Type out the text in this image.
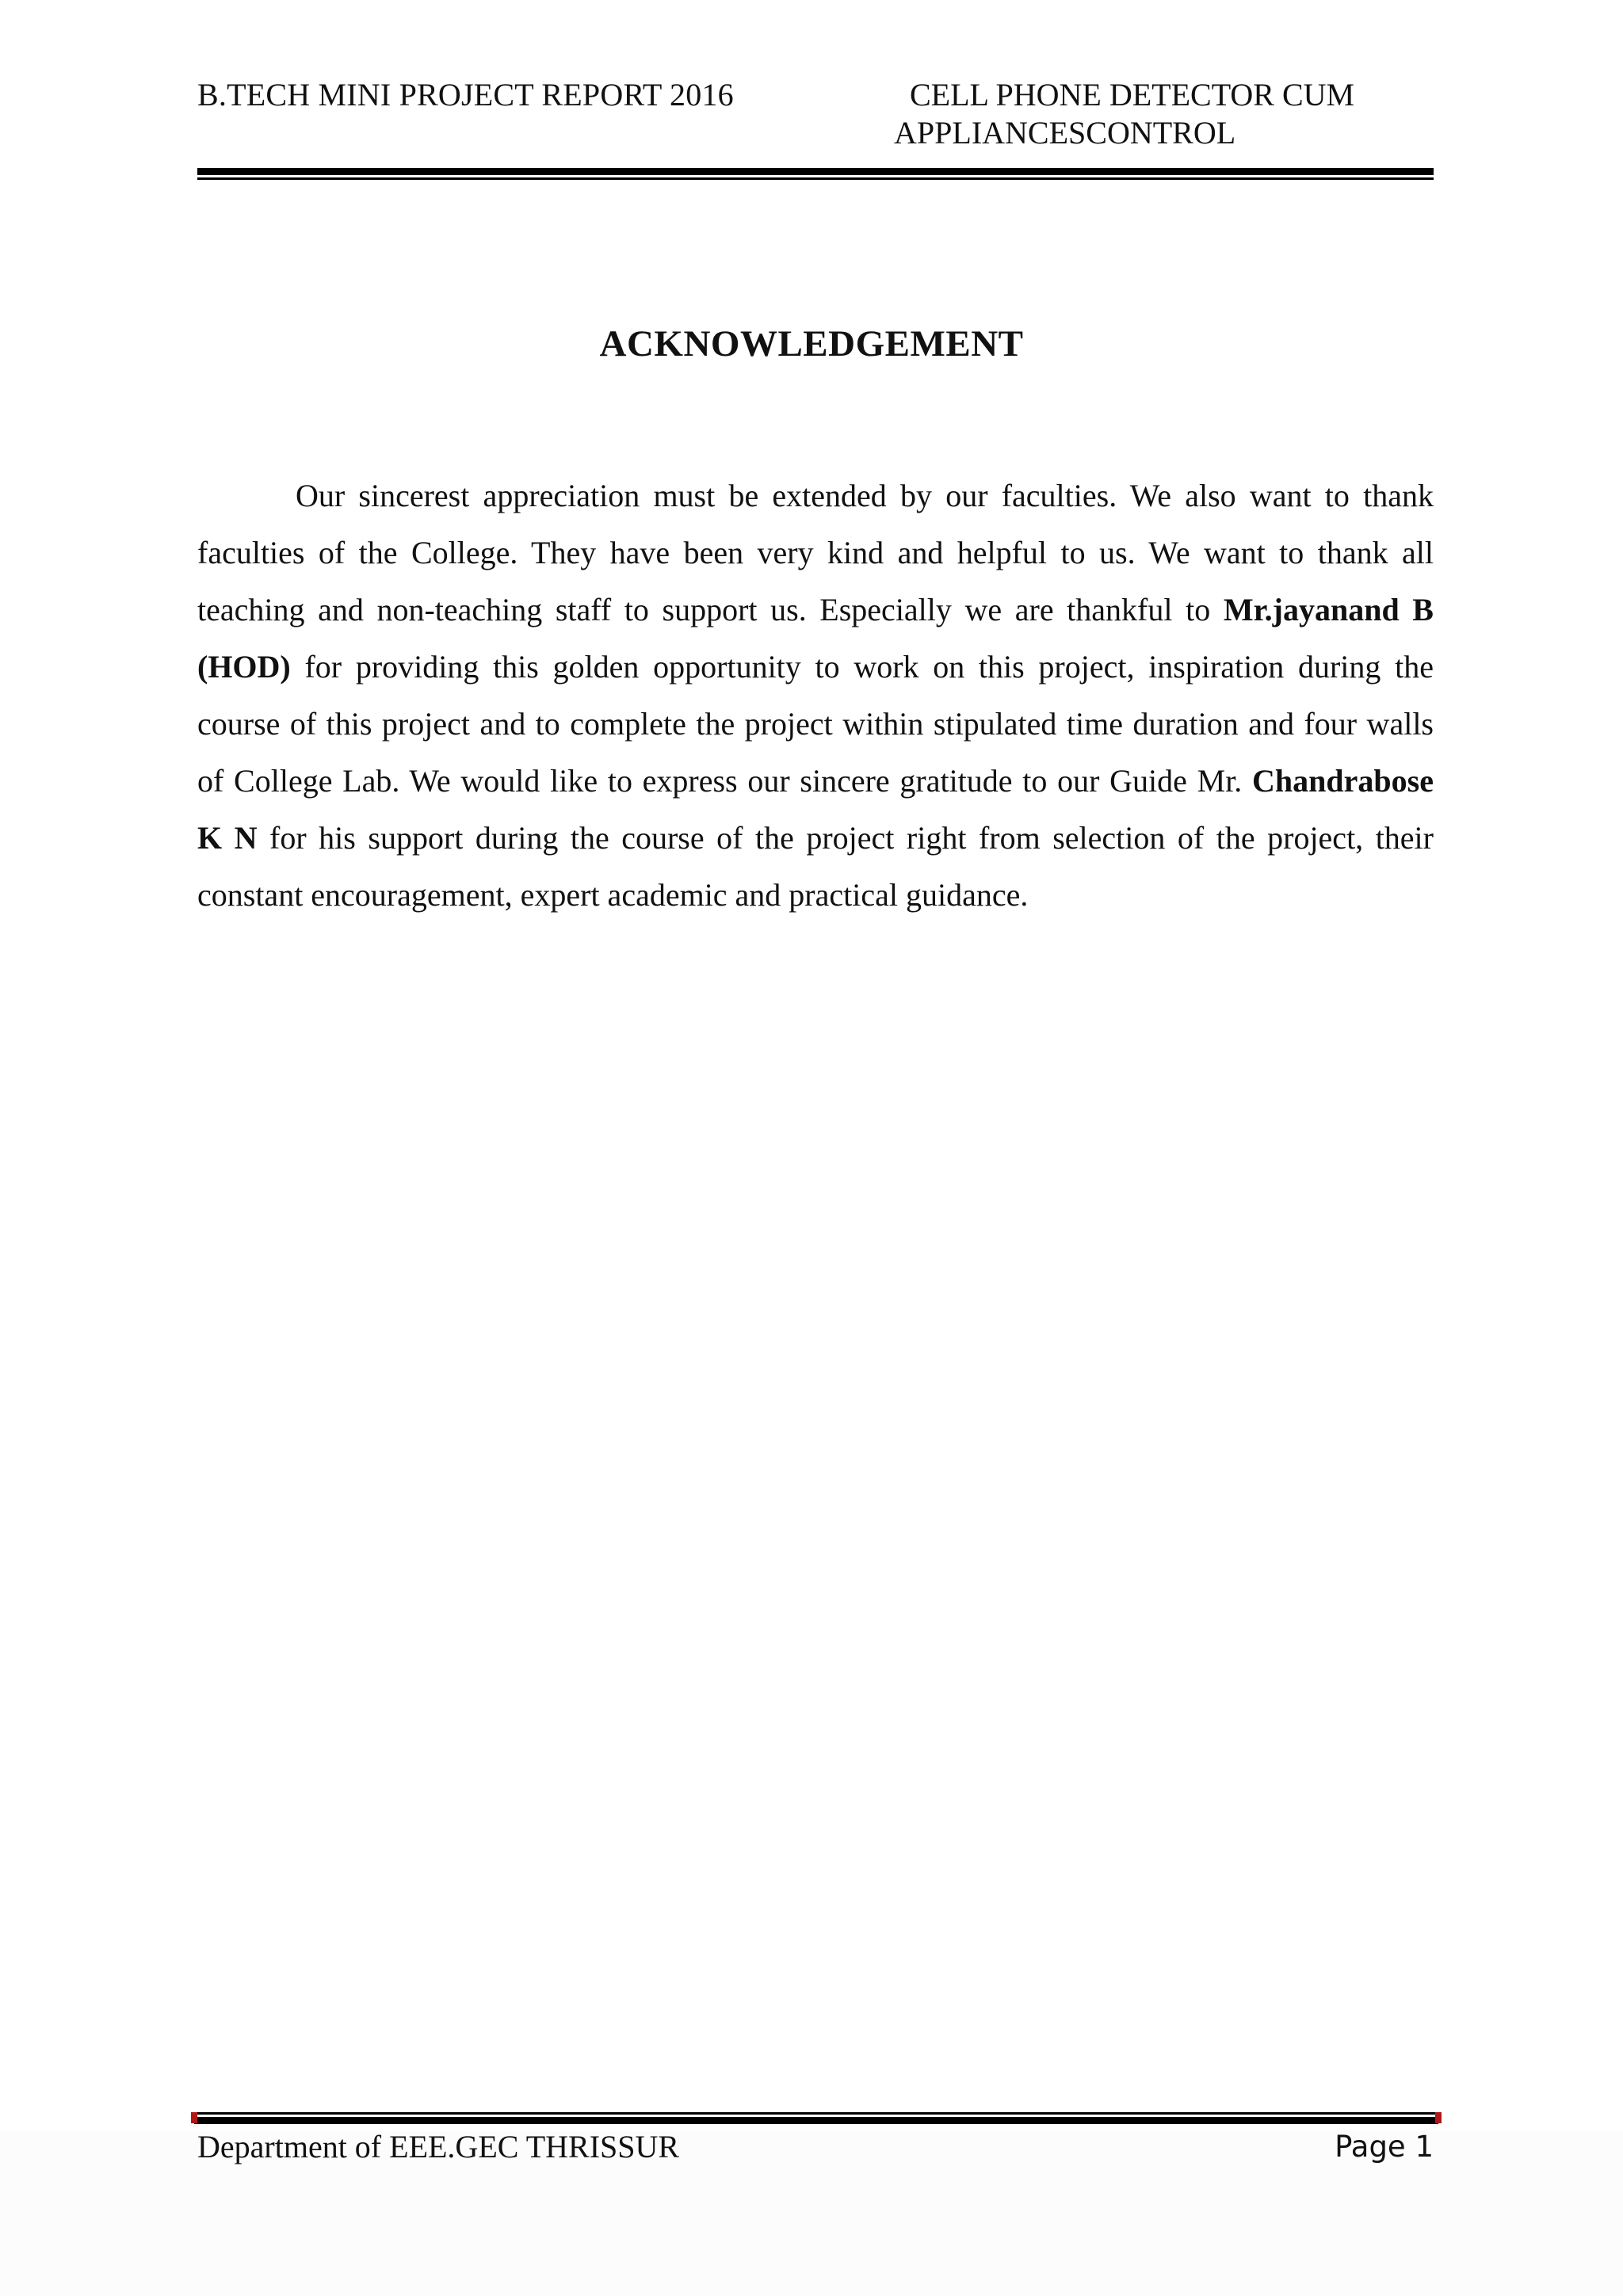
B.TECH MINI PROJECT REPORT 2016	CELL PHONE DETECTOR CUM
APPLIANCESCONTROL
ACKNOWLEDGEMENT

Our sincerest appreciation must be extended by our faculties. We also want to thank faculties of the College. They have been very kind and helpful to us. We want to thank all teaching and non-teaching staff to support us. Especially we are thankful to Mr.jayanand B (HOD) for providing this golden opportunity to work on this project, inspiration during the course of this project and to complete the project within stipulated time duration and four walls of College Lab. We would like to express our sincere gratitude to our Guide Mr. Chandrabose K N for his support during the course of the project right from selection of the project, their constant encouragement, expert academic and practical guidance.

Department of EEE.GEC THRISSUR	Page 1
